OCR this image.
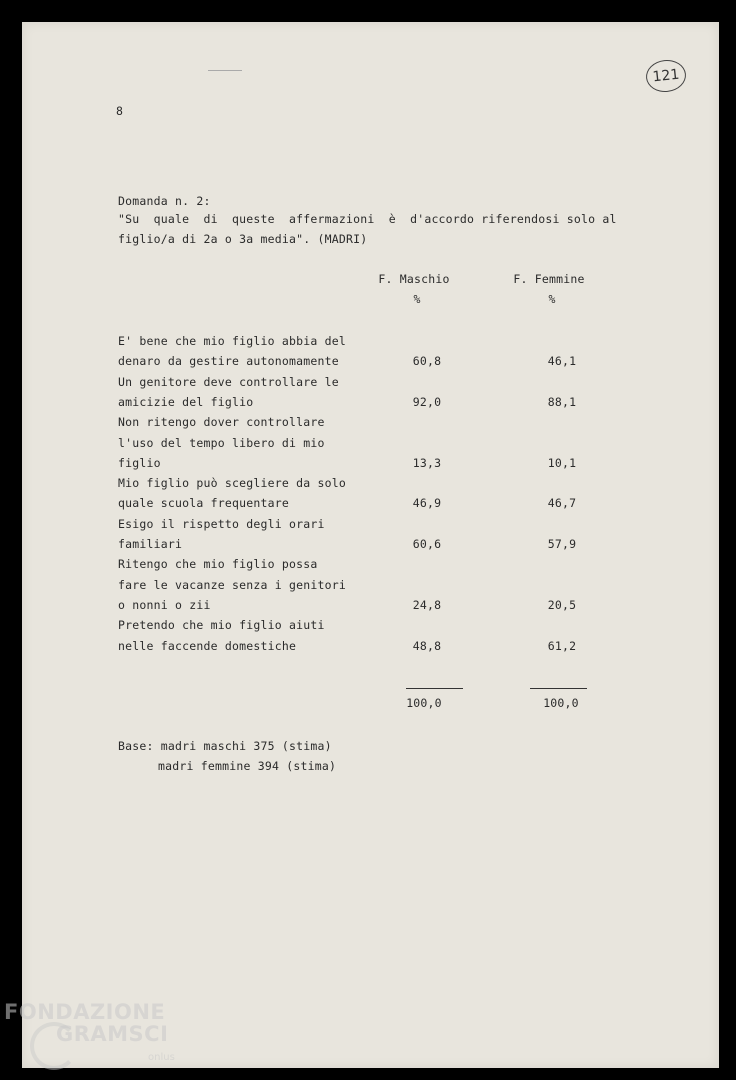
121
8
Domanda n. 2:
"Su  quale  di  queste  affermazioni  è  d'accordo riferendosi solo al
figlio/a di 2a o 3a media". (MADRI)
F. Maschio	F. Femmine
%	%
E' bene che mio figlio abbia del
denaro da gestire autonomamente	60,8	46,1
Un genitore deve controllare le
amicizie del figlio	92,0	88,1
Non ritengo dover controllare
l'uso del tempo libero di mio
figlio	13,3	10,1
Mio figlio può scegliere da solo
quale scuola frequentare	46,9	46,7
Esigo il rispetto degli orari
familiari	60,6	57,9
Ritengo che mio figlio possa
fare le vacanze senza i genitori
o nonni o zii	24,8	20,5
Pretendo che mio figlio aiuti
nelle faccende domestiche	48,8	61,2
100,0	100,0
Base: madri maschi 375 (stima)
madri femmine 394 (stima)
FONDAZIONE
GRAMSCI
onlus
